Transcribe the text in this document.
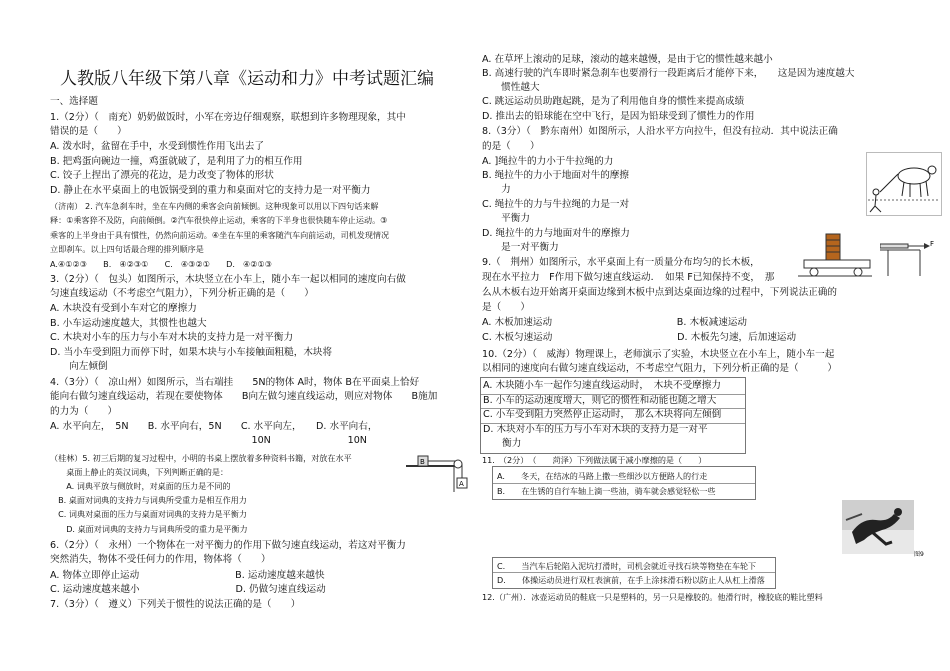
人教版八年级下第八章《运动和力》中考试题汇编
一、选择题
1.（2分）（　南充）奶奶做饭时，小军在旁边仔细观察，联想到许多物理现象，其中
错误的是（　　）
A. 泼水时，盆留在手中，水受到惯性作用飞出去了
B. 把鸡蛋向碗边一撞，鸡蛋就破了，是利用了力的相互作用
C. 饺子上捏出了漂亮的花边，是力改变了物体的形状
D. 静止在水平桌面上的电饭锅受到的重力和桌面对它的支持力是一对平衡力
（济南） 2. 汽车急刹车时，坐在车内侧的乘客会向前倾倒。这种现象可以用以下四句话来解
释：①乘客猝不及防，向前倾倒。②汽车很快停止运动，乘客的下半身也很快随车停止运动。③
乘客的上半身由于具有惯性，仍然向前运动。④坐在车里的乘客随汽车向前运动，司机发现情况
立即刹车。以上四句话最合理的排列顺序是
A.④①②③　　B.　④②③①　　C.　④③②①　　D.　④②①③
3.（2分）（　包头）如图所示，木块竖立在小车上，随小车一起以相同的速度向右做
匀速直线运动（不考虑空气阻力），下列分析正确的是（　　）
A. 木块没有受到小车对它的摩擦力
B. 小车运动速度越大，其惯性也越大
C. 木块对小车的压力与小车对木块的支持力是一对平衡力
D. 当小车受到阻力而停下时，如果木块与小车接触面粗糙，木块将
　　向左倾倒
4.（3分）（　凉山州）如图所示，当右端挂　　5N的物体 A时，物体 B在平面桌上恰好
能向右做匀速直线运动，若现在要使物体　　B向左做匀速直线运动，则应对物体　　B施加
的力为（　　）
A. 水平向左，　5N　　B. 水平向右，5N　　C. 水平向左，　　D. 水平向右，
　　　　　　　　　　　　　　　　　　　　　10N　　　　　　　　10N
（桂林）5. 初三后期的复习过程中，小明的书桌上摆放着多种资料书籍，对放在水平
　　桌面上静止的英汉词典，下列判断正确的是：
　　A. 词典平放与侧放时，对桌面的压力是不同的
　B. 桌面对词典的支持力与词典所受重力是相互作用力
　C. 词典对桌面的压力与桌面对词典的支持力是平衡力
　　D. 桌面对词典的支持力与词典所受的重力是平衡力
6.（2分）（　永州）一个物体在一对平衡力的作用下做匀速直线运动，若这对平衡力
突然消失，物体不受任何力的作用，物体将（　　）
A. 物体立即停止运动　　　　　　　　　　B. 运动速度越来越快
C. 运动速度越来越小　　　　　　　　　　D. 仍做匀速直线运动
7.（3分）（　遵义）下列关于惯性的说法正确的是（　　）
A. 在草坪上滚动的足球，滚动的越来越慢，是由于它的惯性越来越小
B. 高速行驶的汽车即时紧急刹车也要滑行一段距离后才能停下来，　　这是因为速度越大
　　惯性越大
C. 跳远运动员助跑起跳，是为了利用他自身的惯性来提高成绩
D. 推出去的铅球能在空中飞行，是因为铅球受到了惯性力的作用
8.（3分）（　黔东南州）如图所示，人沿水平方向拉牛，但没有拉动．其中说法正确
的是（　　）
A. ]绳拉牛的力小于牛拉绳的力
B. 绳拉牛的力小于地面对牛的摩擦
　　力
C. 绳拉牛的力与牛拉绳的力是一对
　　平衡力
D. 绳拉牛的力与地面对牛的摩擦力
　　是一对平衡力
9.（　荆州）如图所示，水平桌面上有一质量分布均匀的长木板，
现在水平拉力　F作用下做匀速直线运动．　如果 F已知保持不变，　那
么从木板右边开始离开桌面边缘到木板中点到达桌面边缘的过程中，下列说法正确的
是（　　）
A. 木板加速运动　　　　　　　　　　　　　B. 木板减速运动
C. 木板匀速运动　　　　　　　　　　　　　D. 木板先匀速，后加速运动
10.（2分）（　威海）物理课上，老师演示了实验，木块竖立在小车上，随小车一起
以相同的速度向右做匀速直线运动，不考虑空气阻力，下列分析正确的是（　　　）
A. 木块随小车一起作匀速直线运动时，　木块不受摩擦力
B. 小车的运动速度增大，则它的惯性和动能也随之增大
C. 小车受到阻力突然停止运动时，　那么木块将向左倾倒
D. 木块对小车的压力与小车对木块的支持力是一对平
　　衡力
A.　　冬天，在结冰的马路上撒一些细沙以方便路人的行走
B.　　在生锈的自行车轴上滴一些油，骑车就会感觉轻松一些
C.　　当汽车后轮陷入泥坑打滑时，司机会就近寻找石块等物垫在车轮下
D.　　体操运动员进行双杠表演前，在手上涂抹滑石粉以防止人从杠上滑落
11.　（2分）　（　　菏泽）下列做法属于减小摩擦的是（　　）
12.（广州）．冰壶运动员的鞋底一只是塑料的，另一只是橡胶的。他滑行时，橡胶底的鞋比塑料
F
B
A
图9
